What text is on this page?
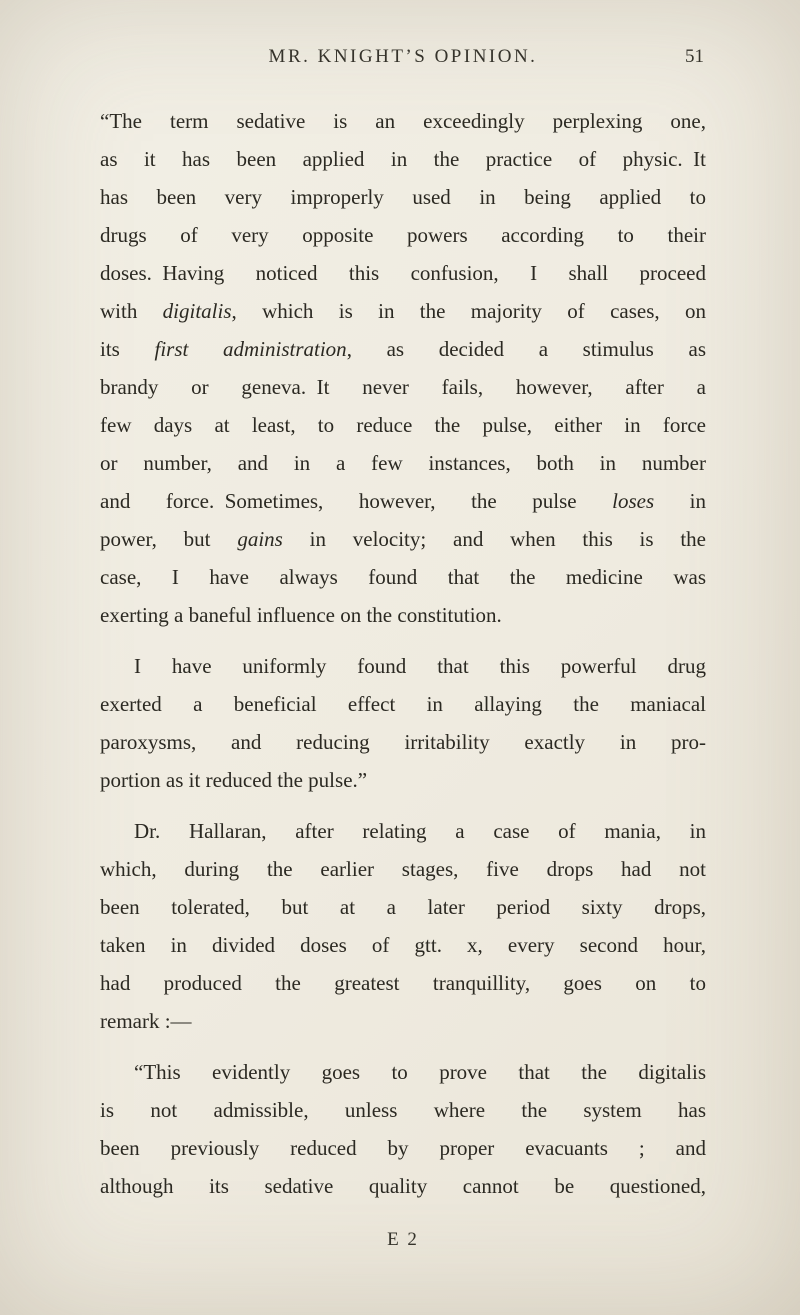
MR. KNIGHT’S OPINION.	51
“The term sedative is an exceedingly perplexing one,
as it has been applied in the practice of physic. It
has been very improperly used in being applied to
drugs of very opposite powers according to their
doses. Having noticed this confusion, I shall proceed
with digitalis, which is in the majority of cases, on
its first administration, as decided a stimulus as
brandy or geneva. It never fails, however, after a
few days at least, to reduce the pulse, either in force
or number, and in a few instances, both in number
and force. Sometimes, however, the pulse loses in
power, but gains in velocity; and when this is the
case, I have always found that the medicine was
exerting a baneful influence on the constitution.
I have uniformly found that this powerful drug
exerted a beneficial effect in allaying the maniacal
paroxysms, and reducing irritability exactly in pro-
portion as it reduced the pulse.”
Dr. Hallaran, after relating a case of mania, in
which, during the earlier stages, five drops had not
been tolerated, but at a later period sixty drops,
taken in divided doses of gtt. x, every second hour,
had produced the greatest tranquillity, goes on to
remark :—
“This evidently goes to prove that the digitalis
is not admissible, unless where the system has
been previously reduced by proper evacuants ; and
although its sedative quality cannot be questioned,
E 2
